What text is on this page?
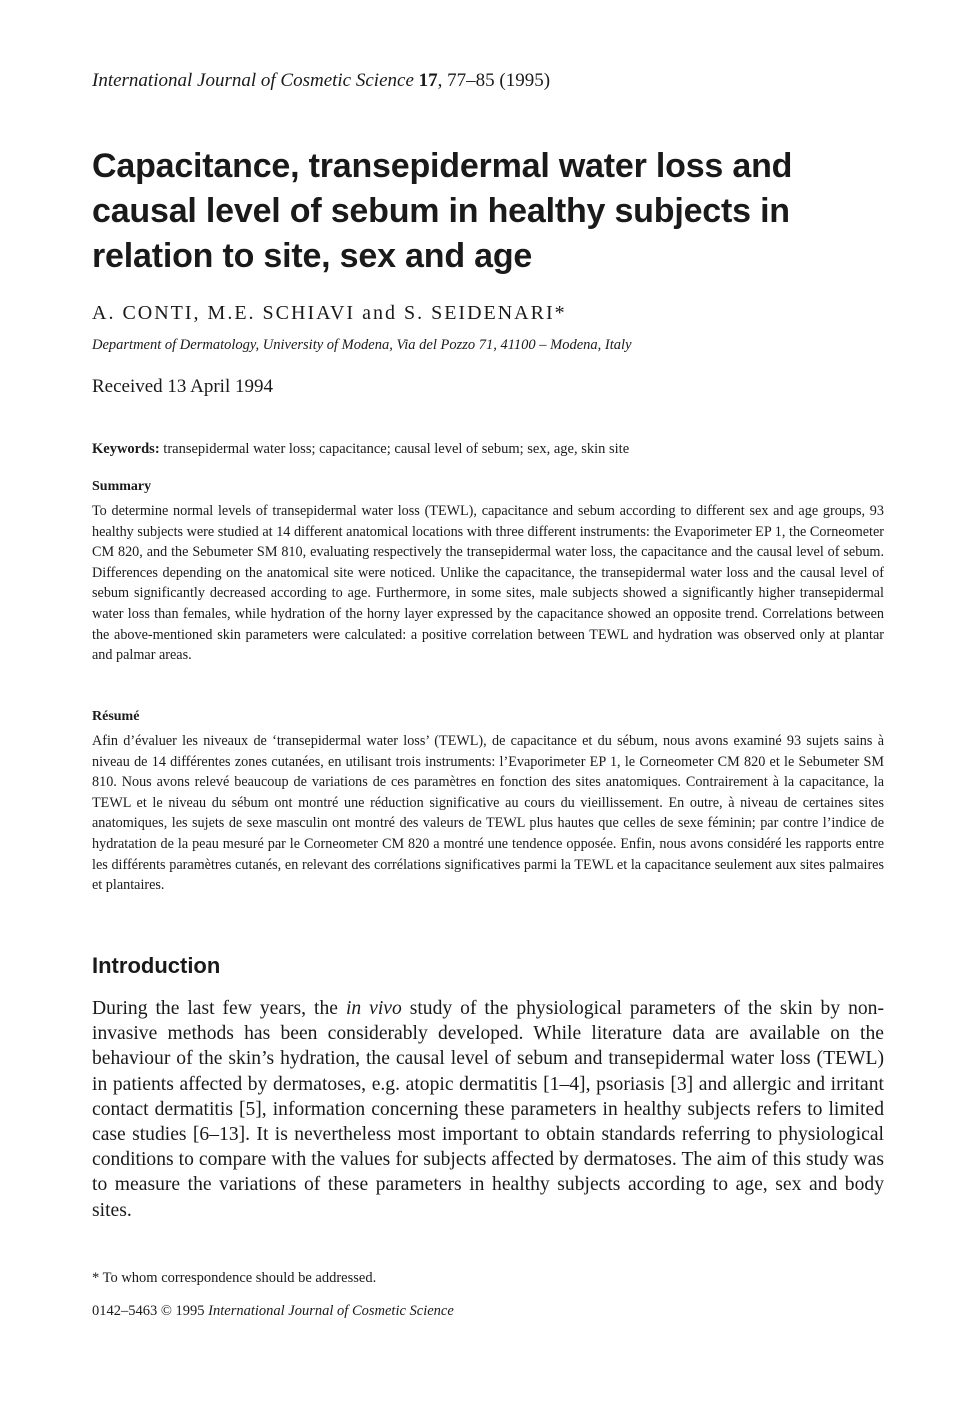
International Journal of Cosmetic Science 17, 77–85 (1995)
Capacitance, transepidermal water loss and causal level of sebum in healthy subjects in relation to site, sex and age
A. CONTI, M.E. SCHIAVI and S. SEIDENARI*
Department of Dermatology, University of Modena, Via del Pozzo 71, 41100 – Modena, Italy
Received 13 April 1994
Keywords: transepidermal water loss; capacitance; causal level of sebum; sex, age, skin site
Summary

To determine normal levels of transepidermal water loss (TEWL), capacitance and sebum according to different sex and age groups, 93 healthy subjects were studied at 14 different anatomical locations with three different instruments: the Evaporimeter EP 1, the Corneometer CM 820, and the Sebumeter SM 810, evaluating respectively the transepidermal water loss, the capacitance and the causal level of sebum. Differences depending on the anatomical site were noticed. Unlike the capacitance, the transepidermal water loss and the causal level of sebum significantly decreased according to age. Furthermore, in some sites, male subjects showed a significantly higher transepidermal water loss than females, while hydration of the horny layer expressed by the capacitance showed an opposite trend. Correlations between the above-mentioned skin parameters were calculated: a positive correlation between TEWL and hydration was observed only at plantar and palmar areas.

Résumé

Afin d’évaluer les niveaux de ‘transepidermal water loss’ (TEWL), de capacitance et du sébum, nous avons examiné 93 sujets sains à niveau de 14 différentes zones cutanées, en utilisant trois instruments: l’Evaporimeter EP 1, le Corneometer CM 820 et le Sebumeter SM 810. Nous avons relevé beaucoup de variations de ces paramètres en fonction des sites anatomiques. Contrairement à la capacitance, la TEWL et le niveau du sébum ont montré une réduction significative au cours du vieillissement. En outre, à niveau de certaines sites anatomiques, les sujets de sexe masculin ont montré des valeurs de TEWL plus hautes que celles de sexe féminin; par contre l’indice de hydratation de la peau mesuré par le Corneometer CM 820 a montré une tendence opposée. Enfin, nous avons considéré les rapports entre les différents paramètres cutanés, en relevant des corrélations significatives parmi la TEWL et la capacitance seulement aux sites palmaires et plantaires.

Introduction

During the last few years, the in vivo study of the physiological parameters of the skin by non-invasive methods has been considerably developed. While literature data are available on the behaviour of the skin’s hydration, the causal level of sebum and transepidermal water loss (TEWL) in patients affected by dermatoses, e.g. atopic dermatitis [1–4], psoriasis [3] and allergic and irritant contact dermatitis [5], information concerning these parameters in healthy subjects refers to limited case studies [6–13]. It is nevertheless most important to obtain standards referring to physiological conditions to compare with the values for subjects affected by dermatoses. The aim of this study was to measure the variations of these parameters in healthy subjects according to age, sex and body sites.

* To whom correspondence should be addressed.
0142–5463 © 1995 International Journal of Cosmetic Science
